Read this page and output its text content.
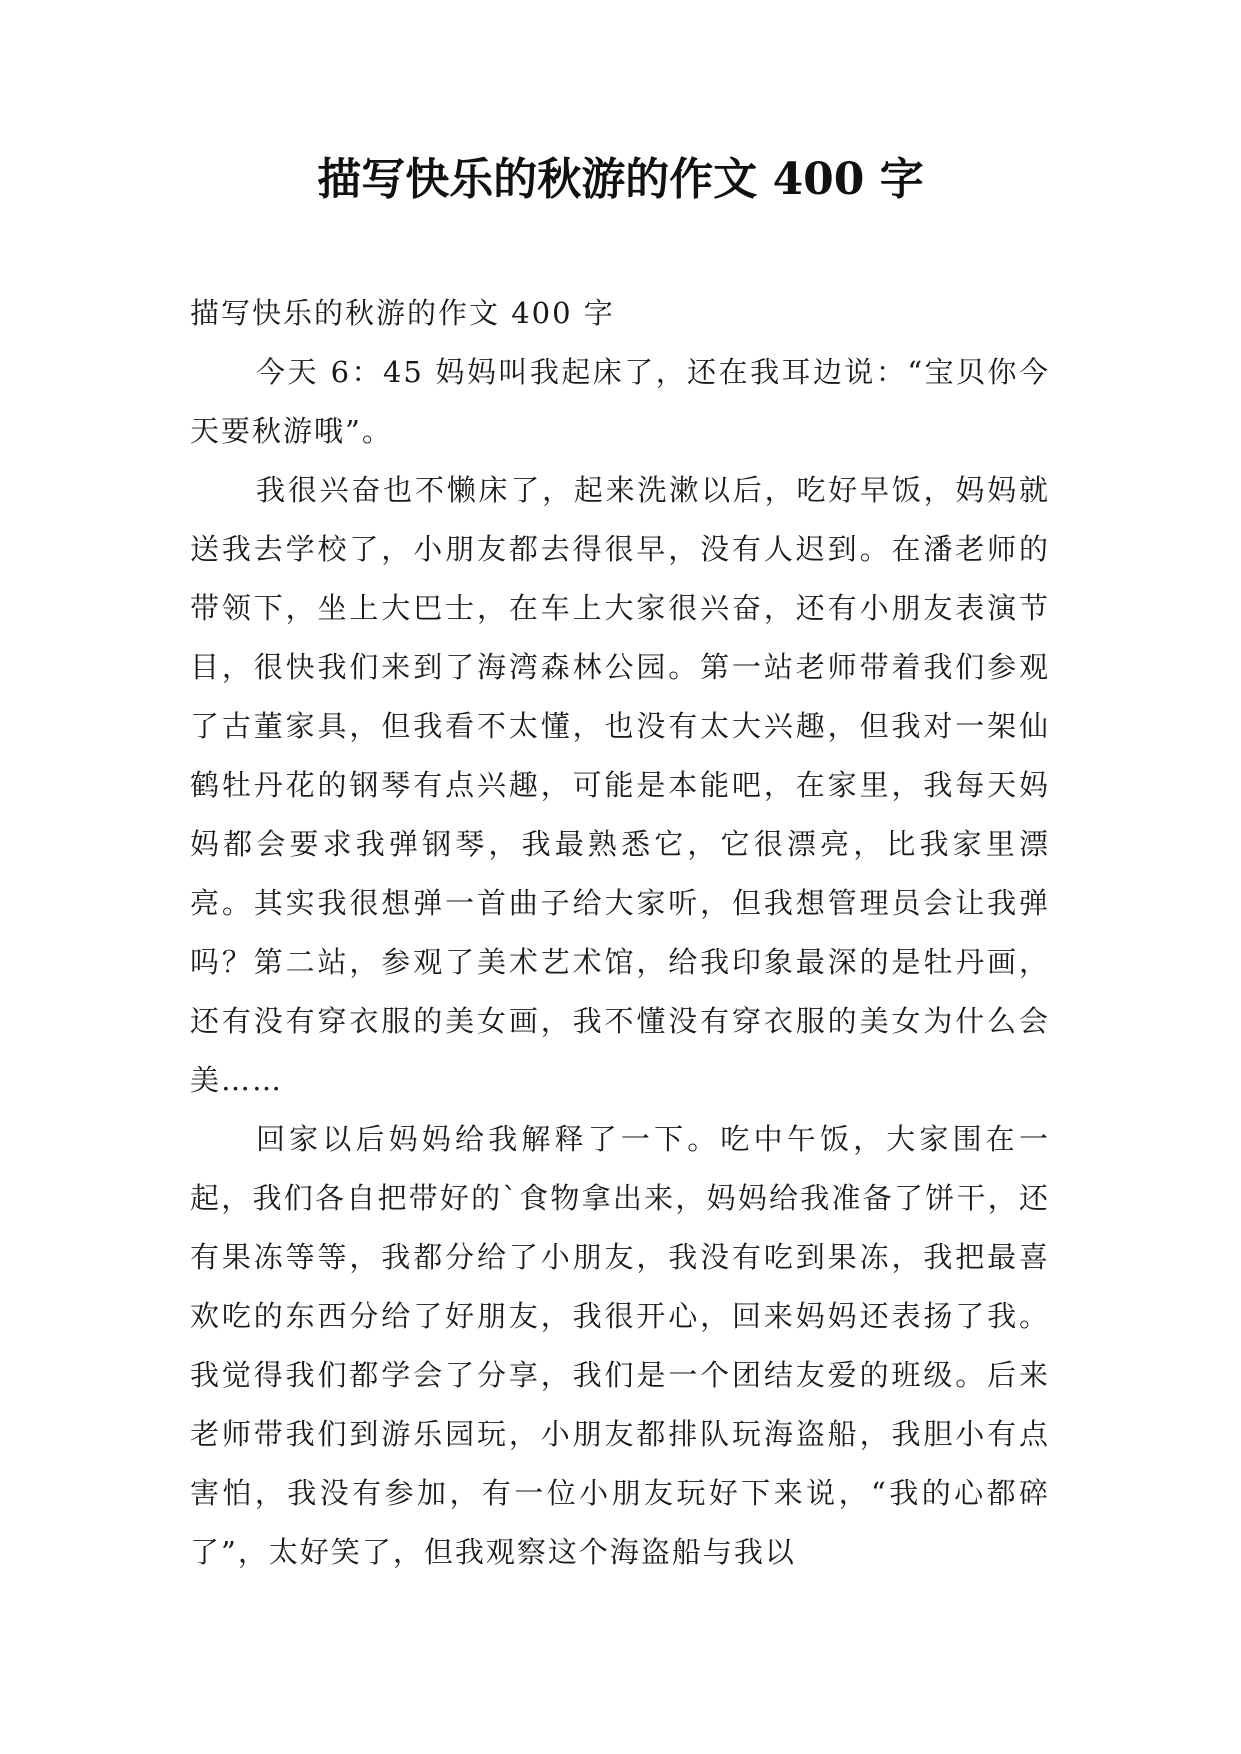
描写快乐的秋游的作文 400 字

描写快乐的秋游的作文 400 字

今天 6：45 妈妈叫我起床了，还在我耳边说：“宝贝你今天要秋游哦”。

我很兴奋也不懒床了，起来洗漱以后，吃好早饭，妈妈就送我去学校了，小朋友都去得很早，没有人迟到。在潘老师的带领下，坐上大巴士，在车上大家很兴奋，还有小朋友表演节目，很快我们来到了海湾森林公园。第一站老师带着我们参观了古董家具，但我看不太懂，也没有太大兴趣，但我对一架仙鹤牡丹花的钢琴有点兴趣，可能是本能吧，在家里，我每天妈妈都会要求我弹钢琴，我最熟悉它，它很漂亮，比我家里漂亮。其实我很想弹一首曲子给大家听，但我想管理员会让我弹吗？第二站，参观了美术艺术馆，给我印象最深的是牡丹画，还有没有穿衣服的美女画，我不懂没有穿衣服的美女为什么会美……

回家以后妈妈给我解释了一下。吃中午饭，大家围在一起，我们各自把带好的`食物拿出来，妈妈给我准备了饼干，还有果冻等等，我都分给了小朋友，我没有吃到果冻，我把最喜欢吃的东西分给了好朋友，我很开心，回来妈妈还表扬了我。我觉得我们都学会了分享，我们是一个团结友爱的班级。后来老师带我们到游乐园玩，小朋友都排队玩海盗船，我胆小有点害怕，我没有参加，有一位小朋友玩好下来说，“我的心都碎了”，太好笑了，但我观察这个海盗船与我以
